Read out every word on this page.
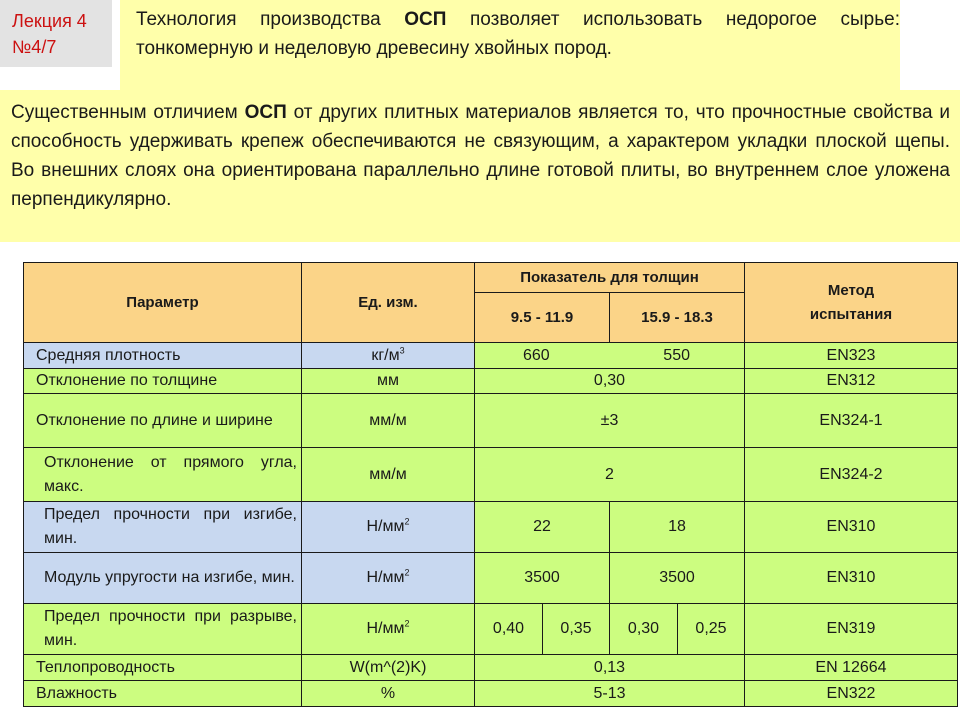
Лекция 4
№4/7
Технология производства ОСП позволяет использовать недорогое сырье: тонкомерную и неделовую древесину хвойных пород.
Существенным отличием ОСП от других плитных материалов является то, что прочностные свойства и способность удерживать крепеж обеспечиваются не связующим, а характером укладки плоской щепы. Во внешних слоях она ориентирована параллельно длине готовой плиты, во внутреннем слое уложена перпендикулярно.
Параметр	Ед. изм.	Показатель для толщин				Метод
испытания

		9.5 - 11.9		15.9 - 18.3		
Средняя плотность	$кг/м^3$	660 550				EN323
Отклонение по толщине	мм	0,30				EN312
Отклонение по длине и ширине	мм/м	±3				EN324-1
Отклонение от прямого угла, макс.	мм/м	2				EN324-2
Предел прочности при изгибе, мин.	$Н/мм^2$	22		18		EN310
Модуль упругости на изгибе, мин.	$Н/мм^2$	3500		3500		EN310
Предел прочности при разрыве, мин.	$Н/мм^2$	0,40	0,35	0,30	0,25	EN319
Теплопроводность	W(m^(2)K)	0,13				EN 12664
Влажность	%	5-13				EN322
